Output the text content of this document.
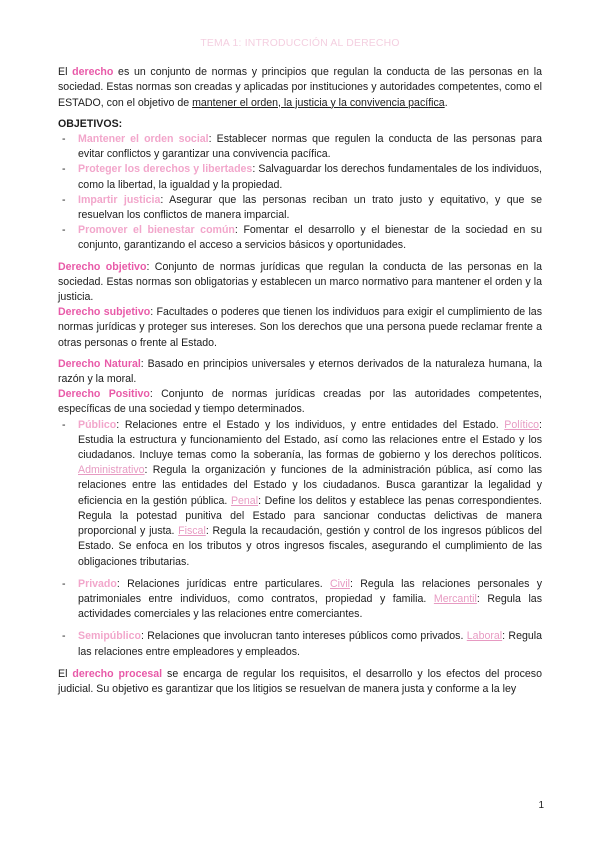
TEMA 1: INTRODUCCIÓN AL DERECHO

El derecho es un conjunto de normas y principios que regulan la conducta de las personas en la sociedad. Estas normas son creadas y aplicadas por instituciones y autoridades competentes, como el ESTADO, con el objetivo de mantener el orden, la justicia y la convivencia pacífica.

OBJETIVOS:
- Mantener el orden social: Establecer normas que regulen la conducta de las personas para evitar conflictos y garantizar una convivencia pacífica.
- Proteger los derechos y libertades: Salvaguardar los derechos fundamentales de los individuos, como la libertad, la igualdad y la propiedad.
- Impartir justicia: Asegurar que las personas reciban un trato justo y equitativo, y que se resuelvan los conflictos de manera imparcial.
- Promover el bienestar común: Fomentar el desarrollo y el bienestar de la sociedad en su conjunto, garantizando el acceso a servicios básicos y oportunidades.

Derecho objetivo: Conjunto de normas jurídicas que regulan la conducta de las personas en la sociedad. Estas normas son obligatorias y establecen un marco normativo para mantener el orden y la justicia.

Derecho subjetivo: Facultades o poderes que tienen los individuos para exigir el cumplimiento de las normas jurídicas y proteger sus intereses. Son los derechos que una persona puede reclamar frente a otras personas o frente al Estado.

Derecho Natural: Basado en principios universales y eternos derivados de la naturaleza humana, la razón y la moral.

Derecho Positivo: Conjunto de normas jurídicas creadas por las autoridades competentes, específicas de una sociedad y tiempo determinados.

- Público: Relaciones entre el Estado y los individuos, y entre entidades del Estado. Político: Estudia la estructura y funcionamiento del Estado, así como las relaciones entre el Estado y los ciudadanos. Incluye temas como la soberanía, las formas de gobierno y los derechos políticos. Administrativo: Regula la organización y funciones de la administración pública, así como las relaciones entre las entidades del Estado y los ciudadanos. Busca garantizar la legalidad y eficiencia en la gestión pública. Penal: Define los delitos y establece las penas correspondientes. Regula la potestad punitiva del Estado para sancionar conductas delictivas de manera proporcional y justa. Fiscal: Regula la recaudación, gestión y control de los ingresos públicos del Estado. Se enfoca en los tributos y otros ingresos fiscales, asegurando el cumplimiento de las obligaciones tributarias.
- Privado: Relaciones jurídicas entre particulares. Civil: Regula las relaciones personales y patrimoniales entre individuos, como contratos, propiedad y familia. Mercantil: Regula las actividades comerciales y las relaciones entre comerciantes.
- Semipúblico: Relaciones que involucran tanto intereses públicos como privados. Laboral: Regula las relaciones entre empleadores y empleados.

El derecho procesal se encarga de regular los requisitos, el desarrollo y los efectos del proceso judicial. Su objetivo es garantizar que los litigios se resuelvan de manera justa y conforme a la ley

1
